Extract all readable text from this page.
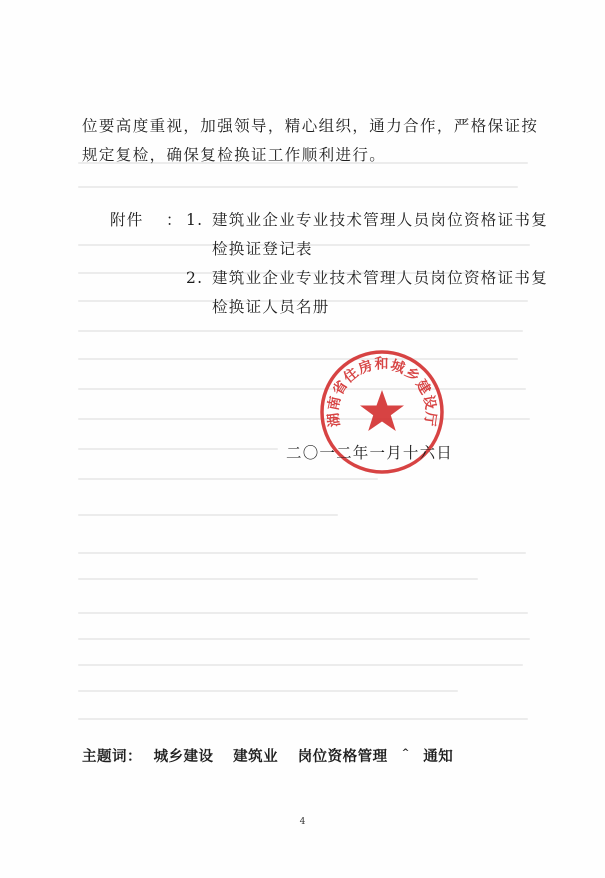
位要高度重视，加强领导，精心组织，通力合作，严格保证按

规定复检，确保复检换证工作顺利进行。

附件	： 1. 建筑业企业专业技术管理人员岗位资格证书复
检换证登记表
2. 建筑业企业专业技术管理人员岗位资格证书复
检换证人员名册
湖南省住房和城乡建设厅
二〇一二年一月十六日
主题词： 城乡建设 建筑业 岗位资格管理 ^ 通知
4
